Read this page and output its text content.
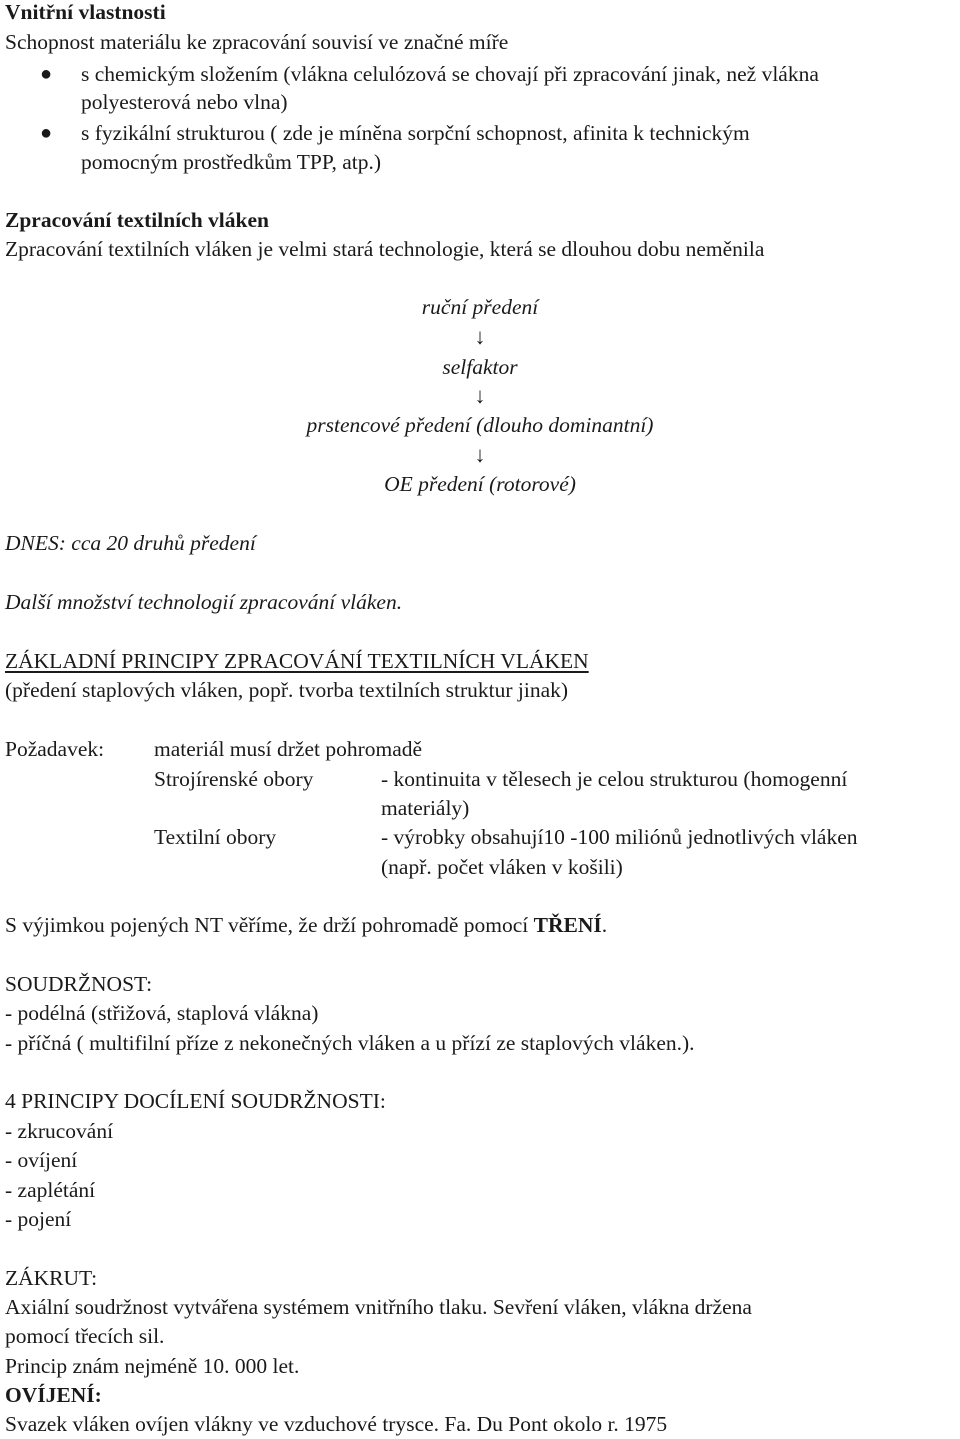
Vnitřní vlastnosti
Schopnost materiálu ke zpracování souvisí ve značné míře
● s chemickým složením (vlákna celulózová se chovají při zpracování jinak, než vlákna
polyesterová nebo vlna)
● s fyzikální strukturou ( zde je míněna sorpční schopnost, afinita k technickým
pomocným prostředkům TPP, atp.)
Zpracování textilních vláken
Zpracování textilních vláken je velmi stará technologie, která se dlouhou dobu neměnila
ruční předení
↓
selfaktor
↓
prstencové předení (dlouho dominantní)
↓
OE předení (rotorové)
DNES: cca 20 druhů předení
Další množství technologií zpracování vláken.
ZÁKLADNÍ PRINCIPY ZPRACOVÁNÍ TEXTILNÍCH VLÁKEN
(předení staplových vláken, popř. tvorba textilních struktur jinak)
Požadavek: materiál musí držet pohromadě
Strojírenské obory	- kontinuita v tělesech je celou strukturou (homogenní
materiály)
Textilní obory	- výrobky obsahují10 -100 miliónů jednotlivých vláken
(např. počet vláken v košili)
S výjimkou pojených NT věříme, že drží pohromadě pomocí TŘENÍ.
SOUDRŽNOST:
- podélná (střižová, staplová vlákna)
- příčná ( multifilní příze z nekonečných vláken a u přízí ze staplových vláken.).
4 PRINCIPY DOCÍLENÍ SOUDRŽNOSTI:
- zkrucování
- ovíjení
- zaplétání
- pojení
ZÁKRUT:
Axiální soudržnost vytvářena systémem vnitřního tlaku. Sevření vláken, vlákna držena
pomocí třecích sil.
Princip znám nejméně 10. 000 let.
OVÍJENÍ:
Svazek vláken ovíjen vlákny ve vzduchové trysce. Fa. Du Pont okolo r. 1975
